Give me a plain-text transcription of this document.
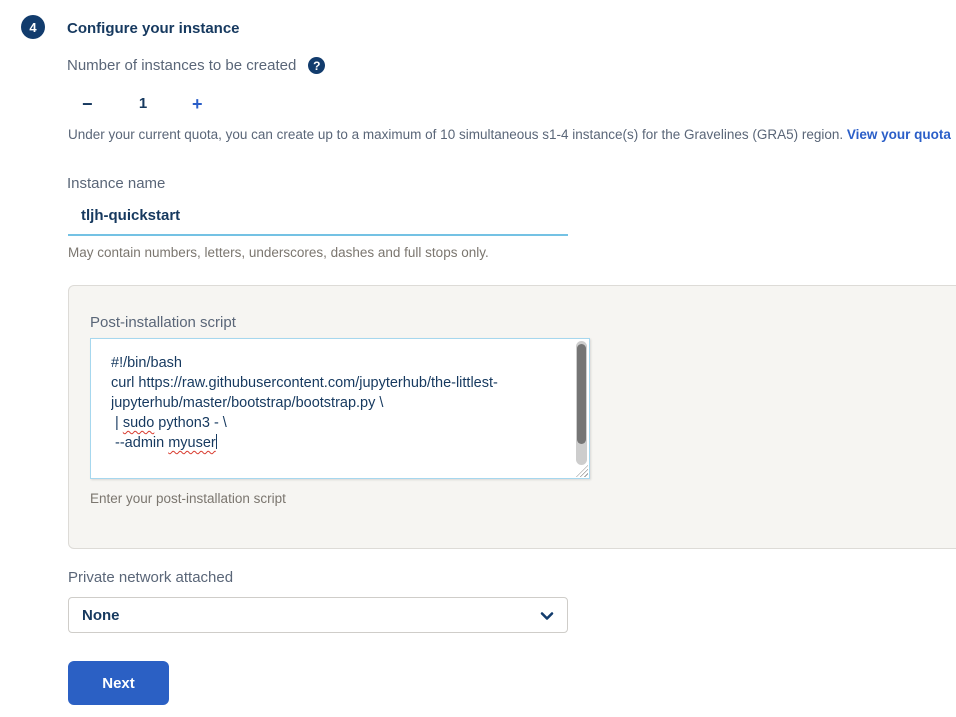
4	Configure your instance
Number of instances to be created	?
−	1	+
Under your current quota, you can create up to a maximum of 10 simultaneous s1-4 instance(s) for the Gravelines (GRA5) region. View your quota
Instance name
tljh-quickstart
May contain numbers, letters, underscores, dashes and full stops only.
Post-installation script
#!/bin/bash
curl https://raw.githubusercontent.com/jupyterhub/the-littlest-
jupyterhub/master/bootstrap/bootstrap.py \
| sudo python3 - \
--admin myuser
Enter your post-installation script
Private network attached
None
Next
